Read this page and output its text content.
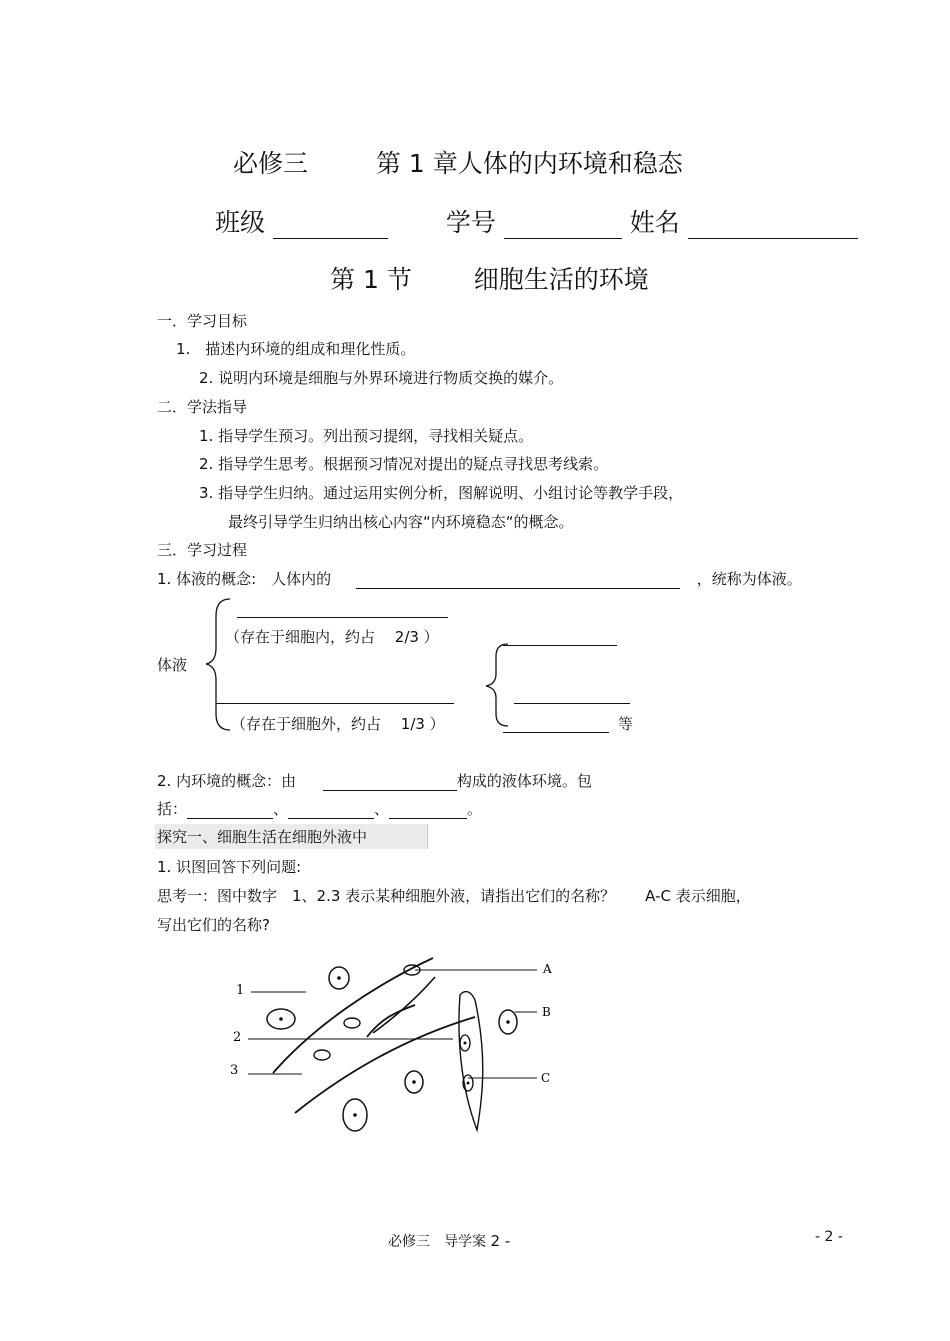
必修三	第 1 章人体的内环境和稳态
班级	学号	姓名
第 1 节 细胞生活的环境
一．学习目标
1.　描述内环境的组成和理化性质。
2. 说明内环境是细胞与外界环境进行物质交换的媒介。
二．学法指导
1. 指导学生预习。列出预习提纲，寻找相关疑点。
2. 指导学生思考。根据预习情况对提出的疑点寻找思考线索。
3. 指导学生归纳。通过运用实例分析，图解说明、小组讨论等教学手段，
最终引导学生归纳出核心内容“内环境稳态“的概念。
三．学习过程
1. 体液的概念:　人体内的	，统称为体液。
（存在于细胞内，约占　 2/3 ）
体液
（存在于细胞外，约占　 1/3 ）	等
2. 内环境的概念：由	构成的液体环境。包
括：	、	、	。
探究一、细胞生活在细胞外液中
1. 识图回答下列问题:
思考一：图中数字　1、2.3 表示某种细胞外液，请指出它们的名称？　　A-C 表示细胞，
写出它们的名称?
1
2
3
A
B
C
必修三　导学案 2 -	- 2 -
